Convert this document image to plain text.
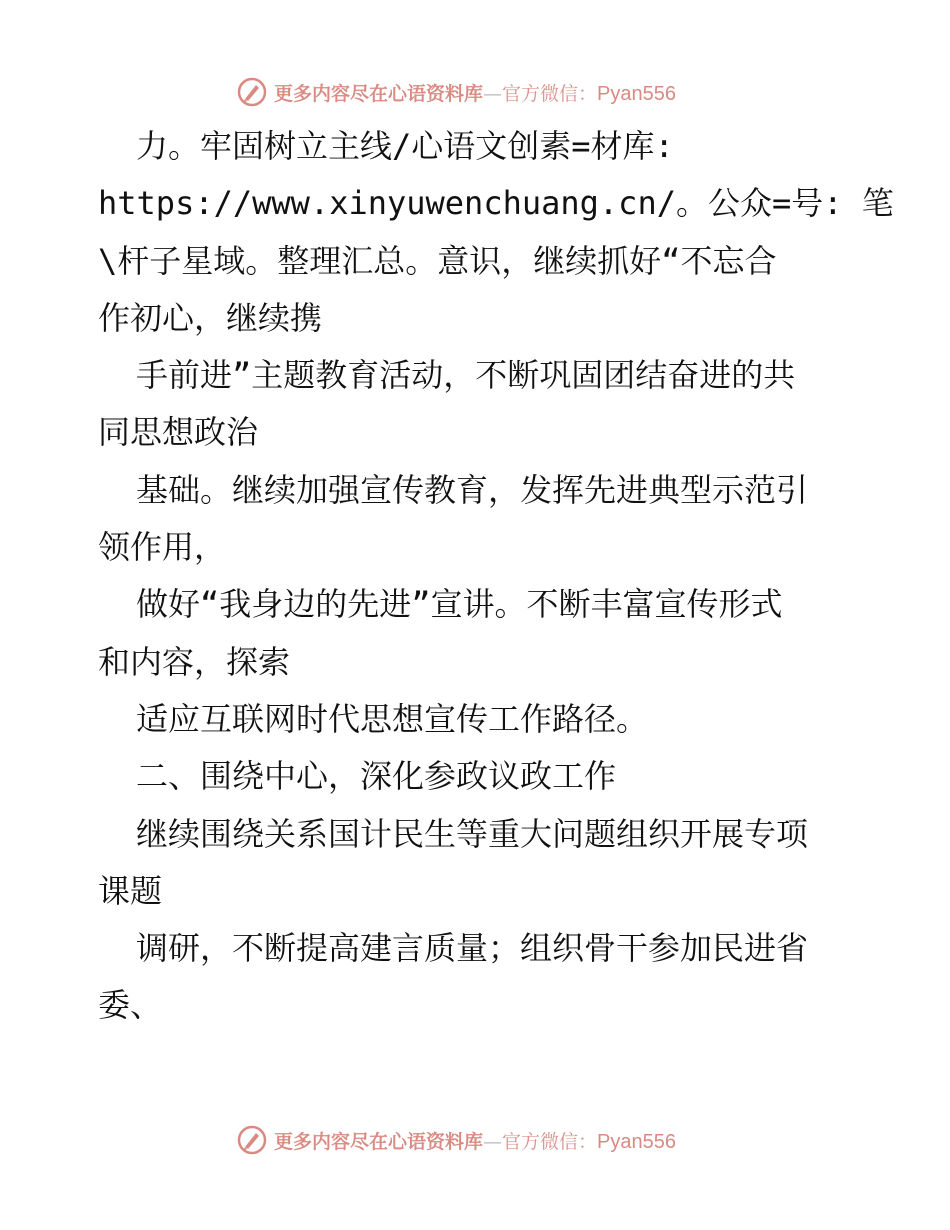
更多内容尽在心语资料库—官方微信：Pyan556
力。牢固树立主线/心语文创素=材库:
https://www.xinyuwenchuang.cn/。公众=号: 笔
\杆子星域。整理汇总。意识，继续抓好“不忘合
作初心，继续携
手前进”主题教育活动，不断巩固团结奋进的共
同思想政治
基础。继续加强宣传教育，发挥先进典型示范引
领作用，
做好“我身边的先进”宣讲。不断丰富宣传形式
和内容，探索
适应互联网时代思想宣传工作路径。
二、围绕中心，深化参政议政工作
继续围绕关系国计民生等重大问题组织开展专项
课题
调研，不断提高建言质量；组织骨干参加民进省
委、
更多内容尽在心语资料库—官方微信：Pyan556
